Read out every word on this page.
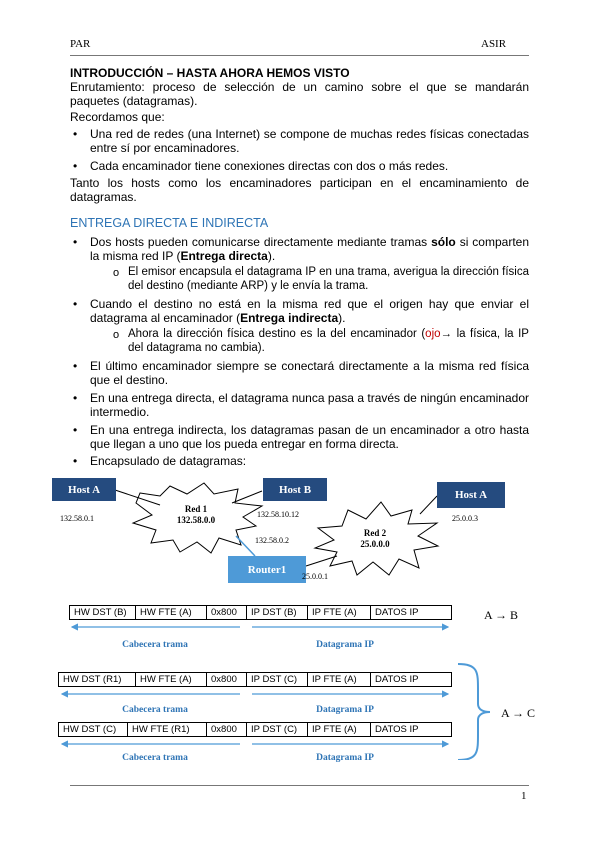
PAR	ASIR
INTRODUCCIÓN – HASTA AHORA HEMOS VISTO
Enrutamiento: proceso de selección de un camino sobre el que se mandarán paquetes (datagramas).
Recordamos que:
• Una red de redes (una Internet) se compone de muchas redes físicas conectadas entre sí por encaminadores.
• Cada encaminador tiene conexiones directas con dos o más redes.
Tanto los hosts como los encaminadores participan en el encaminamiento de datagramas.
ENTREGA DIRECTA E INDIRECTA
• Dos hosts pueden comunicarse directamente mediante tramas sólo si comparten la misma red IP (Entrega directa).
o El emisor encapsula el datagrama IP en una trama, averigua la dirección física del destino (mediante ARP) y le envía la trama.
• Cuando el destino no está en la misma red que el origen hay que enviar el datagrama al encaminador (Entrega indirecta).
o Ahora la dirección física destino es la del encaminador (ojo→ la física, la IP del datagrama no cambia).
• El último encaminador siempre se conectará directamente a la misma red física que el destino.
• En una entrega directa, el datagrama nunca pasa a través de ningún encaminador intermedio.
• En una entrega indirecta, los datagramas pasan de un encaminador a otro hasta que llegan a uno que los pueda entregar en forma directa.
• Encapsulado de datagramas:
Host A	Host B	Host A
Router1
Red 1
132.58.0.0
Red 2
25.0.0.0
132.58.0.1	132.58.10.12
132.58.0.2
25.0.0.1
25.0.0.3
HW DST (B)	HW FTE (A)	0x800	IP DST (B)	IP FTE (A)	DATOS IP	A → B
HW DST (R1)	HW FTE (A)	0x800	IP DST (C)	IP FTE (A)	DATOS IP
HW DST (C)	HW FTE (R1)	0x800	IP DST (C)	IP FTE (A)	DATOS IP
Cabecera trama	Datagrama IP
Cabecera trama	Datagrama IP
Cabecera trama	Datagrama IP
A → C
1
